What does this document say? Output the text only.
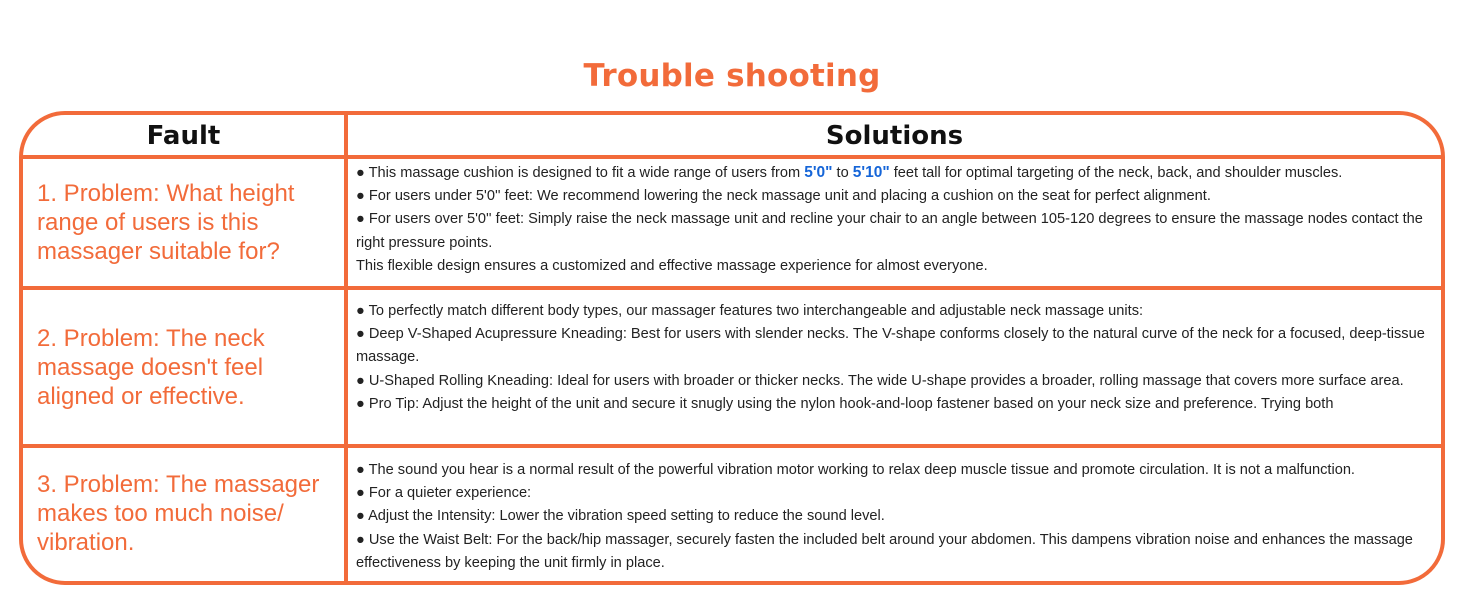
Trouble shooting
Fault	Solutions
1. Problem: What height range of users is this massager suitable for?

● This massage cushion is designed to fit a wide range of users from 5'0" to 5'10" feet tall for optimal targeting of the neck, back, and shoulder muscles.

● For users under 5'0'' feet: We recommend lowering the neck massage unit and placing a cushion on the seat for perfect alignment.

● For users over 5'0'' feet: Simply raise the neck massage unit and recline your chair to an angle between 105-120 degrees to ensure the massage nodes contact the right pressure points.

This flexible design ensures a customized and effective massage experience for almost everyone.

2. Problem: The neck massage doesn't feel aligned or effective.

● To perfectly match different body types, our massager features two interchangeable and adjustable neck massage units:

● Deep V-Shaped Acupressure Kneading: Best for users with slender necks. The V-shape conforms closely to the natural curve of the neck for a focused, deep-tissue massage.

● U-Shaped Rolling Kneading: Ideal for users with broader or thicker necks. The wide U-shape provides a broader, rolling massage that covers more surface area.

● Pro Tip: Adjust the height of the unit and secure it snugly using the nylon hook-and-loop fastener based on your neck size and preference. Trying both

3. Problem: The massager makes too much noise/ vibration.

● The sound you hear is a normal result of the powerful vibration motor working to relax deep muscle tissue and promote circulation. It is not a malfunction.

● For a quieter experience:

● Adjust the Intensity: Lower the vibration speed setting to reduce the sound level.

● Use the Waist Belt: For the back/hip massager, securely fasten the included belt around your abdomen. This dampens vibration noise and enhances the massage effectiveness by keeping the unit firmly in place.
